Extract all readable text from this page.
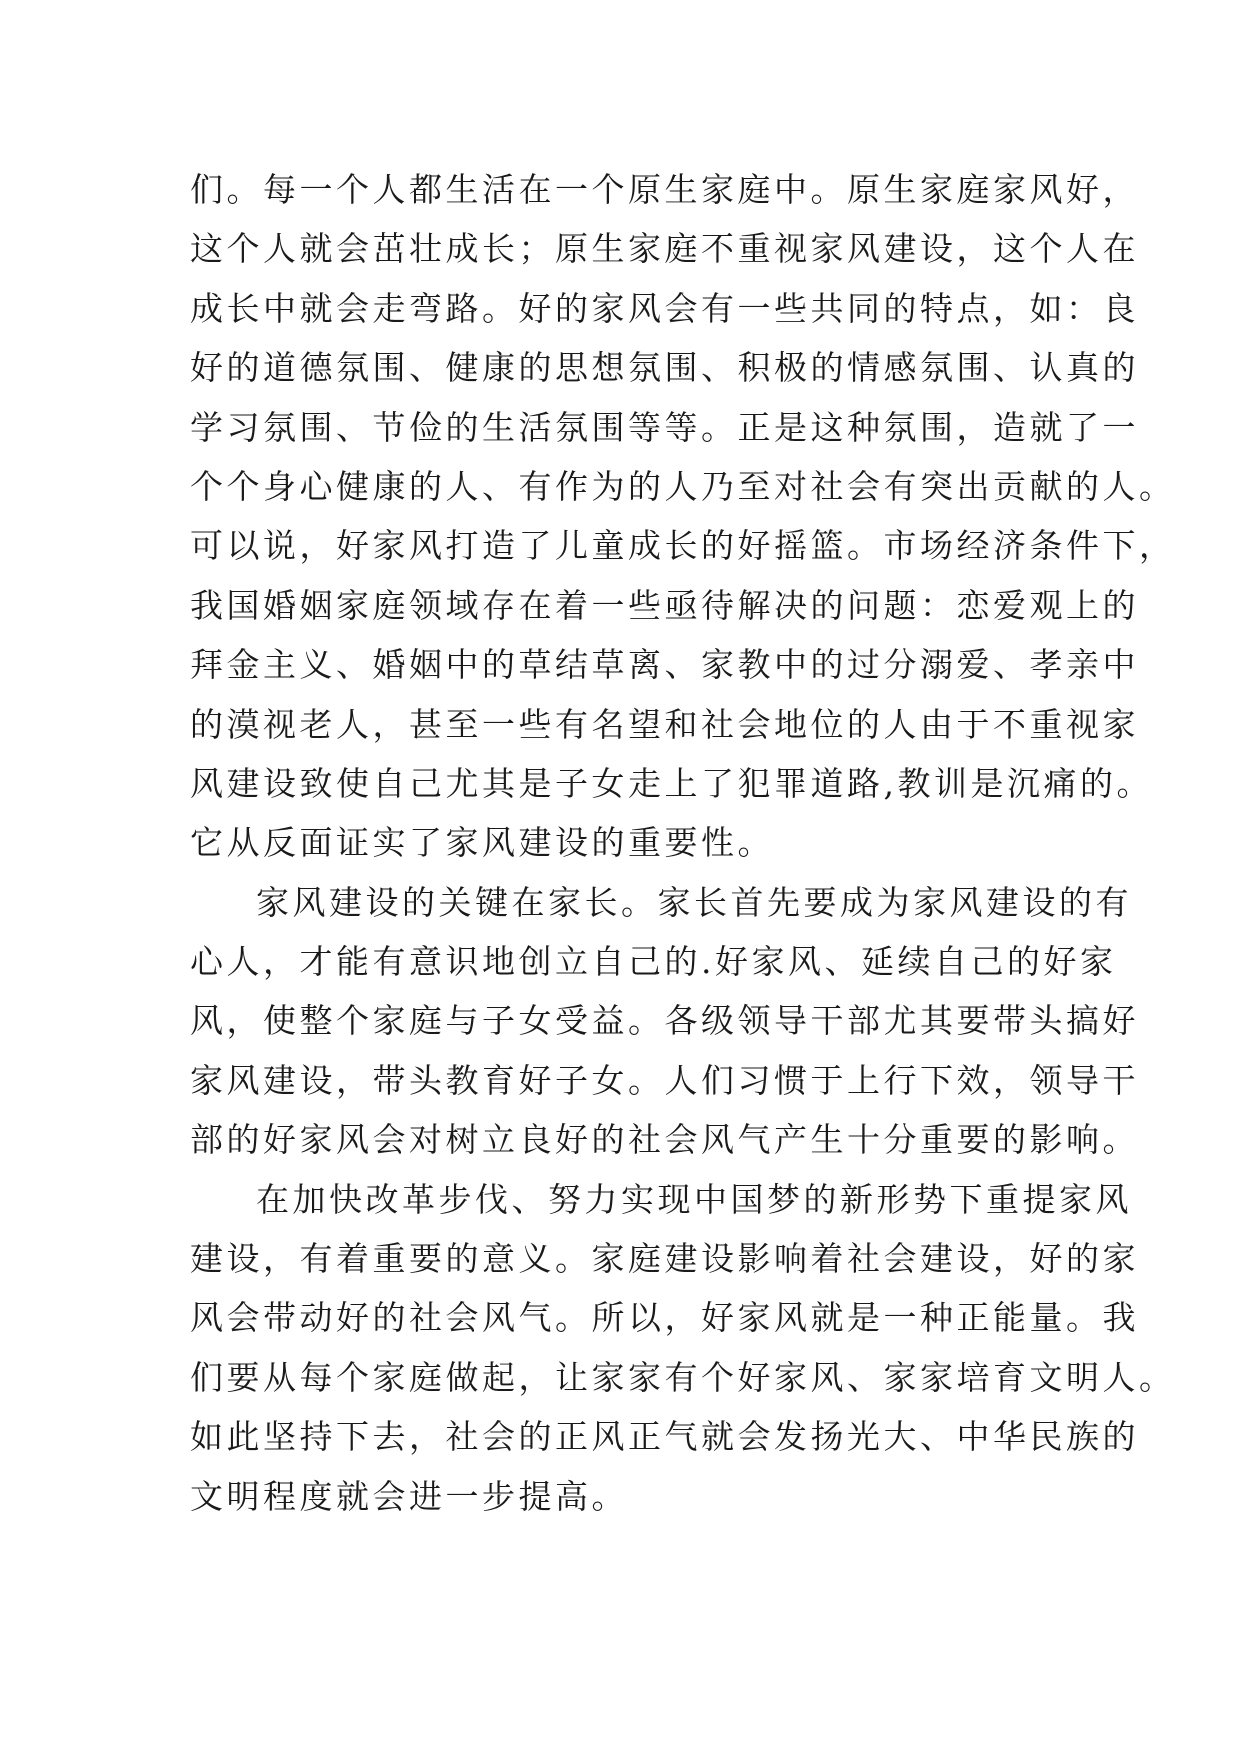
们。每一个人都生活在一个原生家庭中。原生家庭家风好，
这个人就会茁壮成长；原生家庭不重视家风建设，这个人在
成长中就会走弯路。好的家风会有一些共同的特点，如：良
好的道德氛围、健康的思想氛围、积极的情感氛围、认真的
学习氛围、节俭的生活氛围等等。正是这种氛围，造就了一
个个身心健康的人、有作为的人乃至对社会有突出贡献的人。
可以说，好家风打造了儿童成长的好摇篮。市场经济条件下，
我国婚姻家庭领域存在着一些亟待解决的问题：恋爱观上的
拜金主义、婚姻中的草结草离、家教中的过分溺爱、孝亲中
的漠视老人，甚至一些有名望和社会地位的人由于不重视家
风建设致使自己尤其是子女走上了犯罪道路,教训是沉痛的。
它从反面证实了家风建设的重要性。
家风建设的关键在家长。家长首先要成为家风建设的有
心人，才能有意识地创立自己的.好家风、延续自己的好家
风，使整个家庭与子女受益。各级领导干部尤其要带头搞好
家风建设，带头教育好子女。人们习惯于上行下效，领导干
部的好家风会对树立良好的社会风气产生十分重要的影响。
在加快改革步伐、努力实现中国梦的新形势下重提家风
建设，有着重要的意义。家庭建设影响着社会建设，好的家
风会带动好的社会风气。所以，好家风就是一种正能量。我
们要从每个家庭做起，让家家有个好家风、家家培育文明人。
如此坚持下去，社会的正风正气就会发扬光大、中华民族的
文明程度就会进一步提高。
